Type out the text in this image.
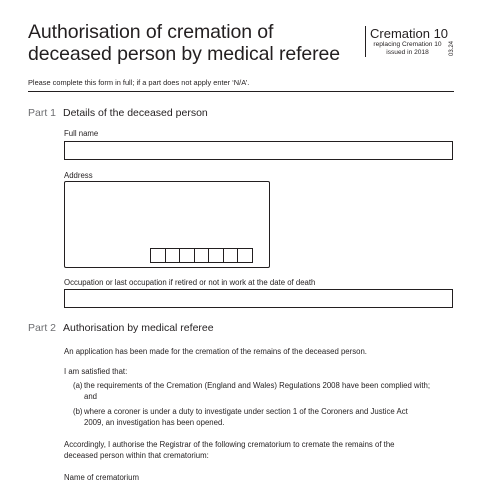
Authorisation of cremation of
deceased person by medical referee
Cremation 10
replacing Cremation 10
issued in 2018	03.24
Please complete this form in full; if a part does not apply enter ‘N/A’.
Part 1 Details of the deceased person
Full name
Address
Occupation or last occupation if retired or not in work at the date of death
Part 2 Authorisation by medical referee
An application has been made for the cremation of the remains of the deceased person.
I am satisfied that:
(a) the requirements of the Cremation (England and Wales) Regulations 2008 have been complied with;
and
(b) where a coroner is under a duty to investigate under section 1 of the Coroners and Justice Act
2009, an investigation has been opened.
Accordingly, I authorise the Registrar of the following crematorium to cremate the remains of the
deceased person within that crematorium:
Name of crematorium
